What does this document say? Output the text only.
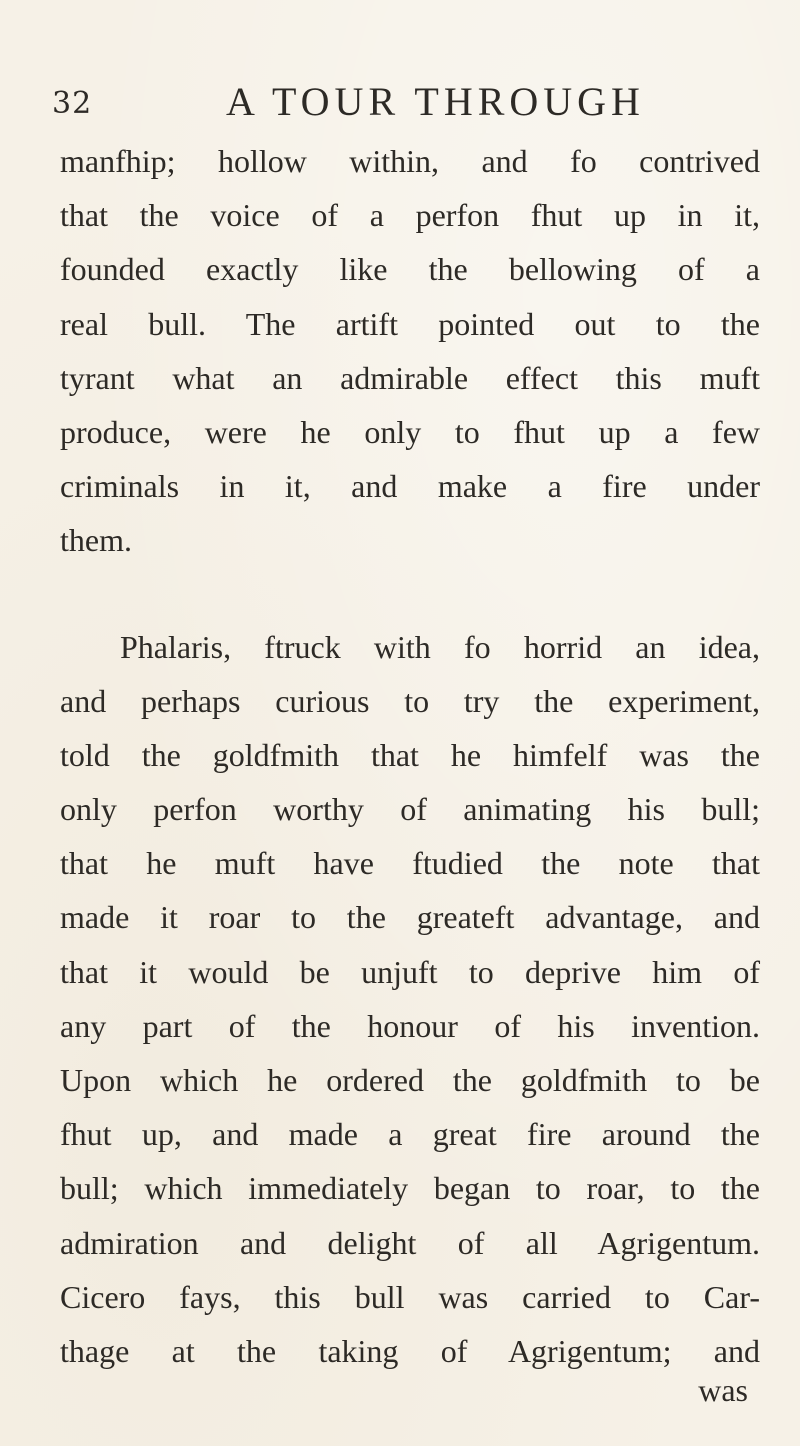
32	A TOUR THROUGH
manfhip; hollow within, and fo contrived
that the voice of a perfon fhut up in it,
founded exactly like the bellowing of a
real bull. The artift pointed out to the
tyrant what an admirable effect this muft
produce, were he only to fhut up a few
criminals in it, and make a fire under
them.
Phalaris, ftruck with fo horrid an idea,
and perhaps curious to try the experiment,
told the goldfmith that he himfelf was the
only perfon worthy of animating his bull;
that he muft have ftudied the note that
made it roar to the greateft advantage, and
that it would be unjuft to deprive him of
any part of the honour of his invention.
Upon which he ordered the goldfmith to be
fhut up, and made a great fire around the
bull; which immediately began to roar, to the
admiration and delight of all Agrigentum.
Cicero fays, this bull was carried to Car-
thage at the taking of Agrigentum; and
was
